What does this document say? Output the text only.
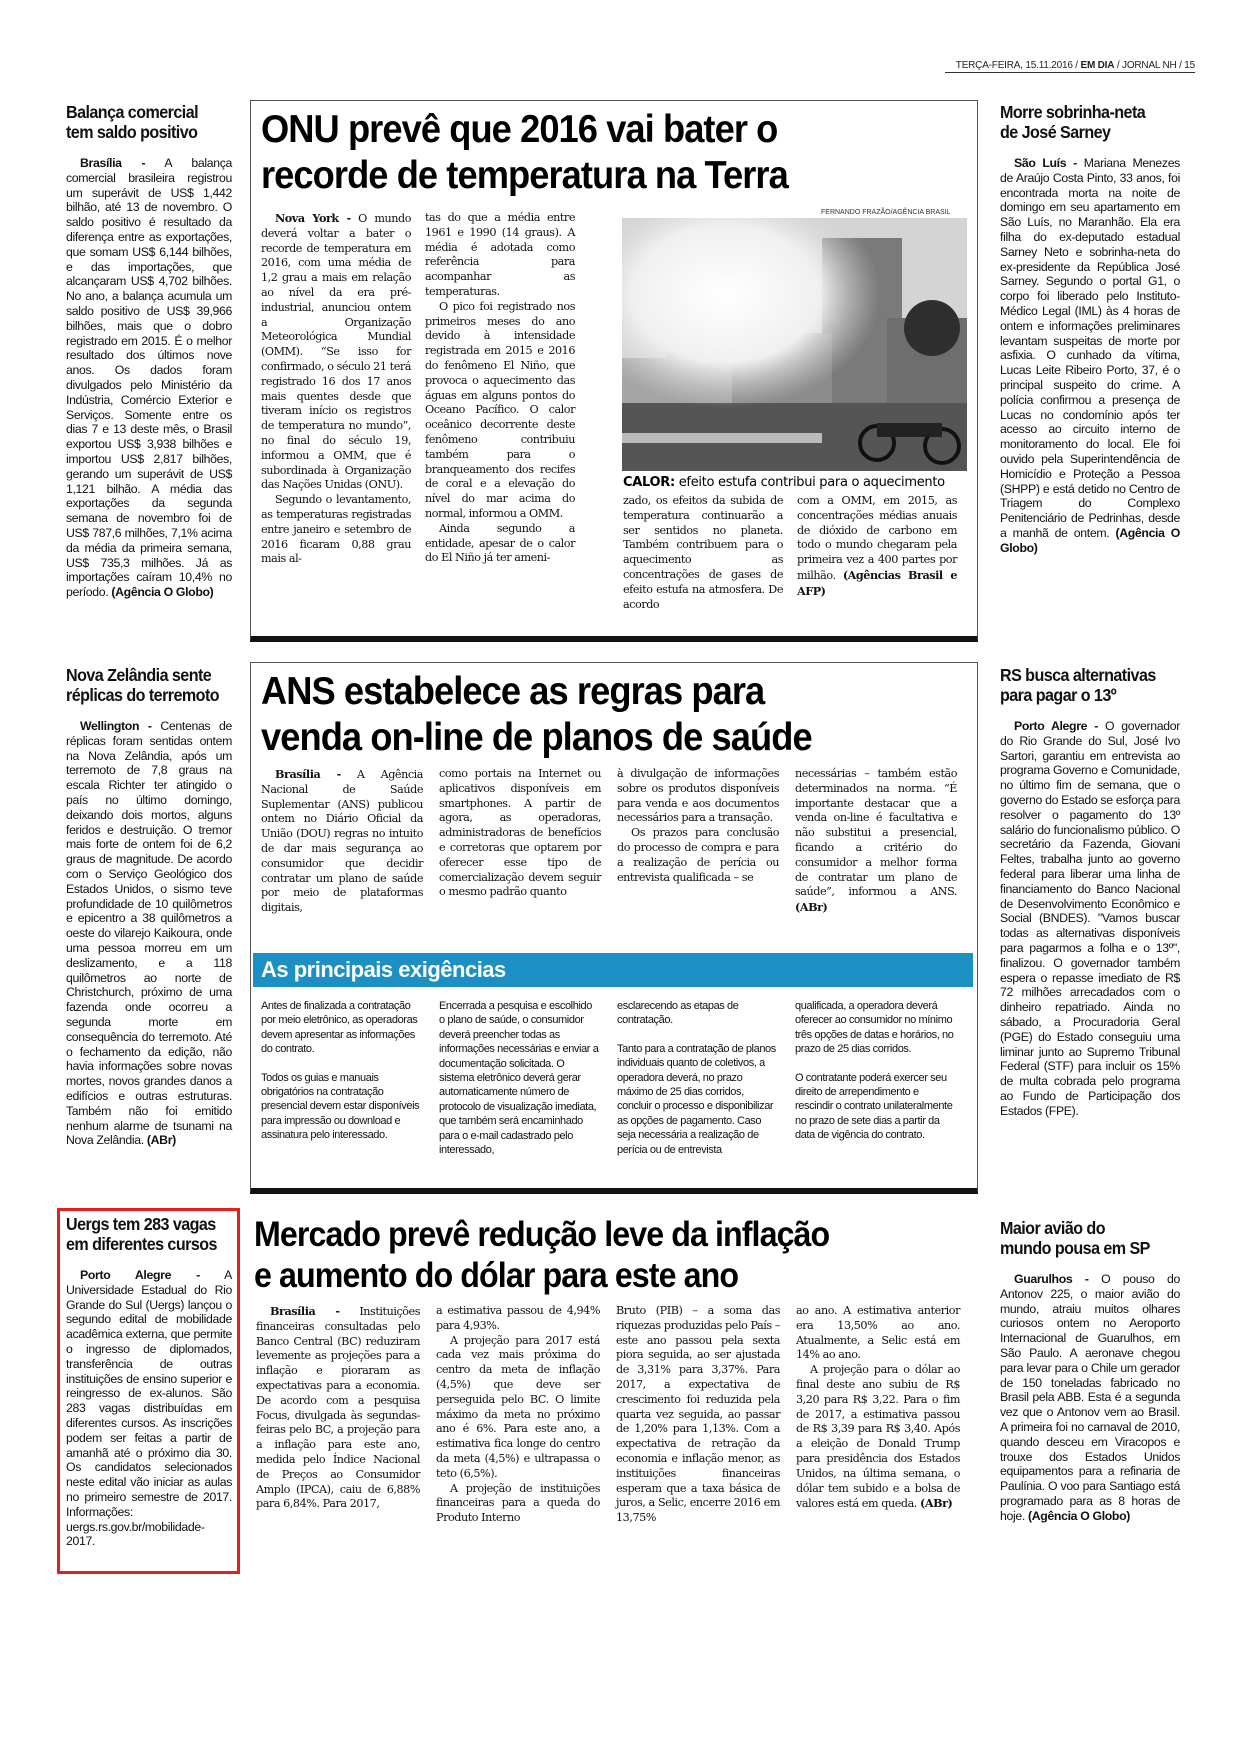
TERÇA-FEIRA, 15.11.2016 / EM DIA / JORNAL NH / 15
Balança comercial
tem saldo positivo

Brasília - A balança comercial brasileira registrou um superávit de US$ 1,442 bilhão, até 13 de novembro. O saldo positivo é resultado da diferença entre as exportações, que somam US$ 6,144 bilhões, e das importações, que alcançaram US$ 4,702 bilhões. No ano, a balança acumula um saldo positivo de US$ 39,966 bilhões, mais que o dobro registrado em 2015. É o melhor resultado dos últimos nove anos. Os dados foram divulgados pelo Ministério da Indústria, Comércio Exterior e Serviços. Somente entre os dias 7 e 13 deste mês, o Brasil exportou US$ 3,938 bilhões e importou US$ 2,817 bilhões, gerando um superávit de US$ 1,121 bilhão. A média das exportações da segunda semana de novembro foi de US$ 787,6 milhões, 7,1% acima da média da primeira semana, US$ 735,3 milhões. Já as importações caíram 10,4% no período. (Agência O Globo)

Nova Zelândia sente
réplicas do terremoto

Wellington - Centenas de réplicas foram sentidas ontem na Nova Zelândia, após um terremoto de 7,8 graus na escala Richter ter atingido o país no último domingo, deixando dois mortos, alguns feridos e destruição. O tremor mais forte de ontem foi de 6,2 graus de magnitude. De acordo com o Serviço Geológico dos Estados Unidos, o sismo teve profundidade de 10 quilômetros e epicentro a 38 quilômetros a oeste do vilarejo Kaikoura, onde uma pessoa morreu em um deslizamento, e a 118 quilômetros ao norte de Christchurch, próximo de uma fazenda onde ocorreu a segunda morte em consequência do terremoto. Até o fechamento da edição, não havia informações sobre novas mortes, novos grandes danos a edifícios e outras estruturas. Também não foi emitido nenhum alarme de tsunami na Nova Zelândia. (ABr)

Uergs tem 283 vagas
em diferentes cursos

Porto Alegre - A Universidade Estadual do Rio Grande do Sul (Uergs) lançou o segundo edital de mobilidade acadêmica externa, que permite o ingresso de diplomados, transferência de outras instituições de ensino superior e reingresso de ex-alunos. São 283 vagas distribuídas em diferentes cursos. As inscrições podem ser feitas a partir de amanhã até o próximo dia 30. Os candidatos selecionados neste edital vão iniciar as aulas no primeiro semestre de 2017. Informações: uergs.rs.gov.br/mobilidade-2017.

Morre sobrinha-neta
de José Sarney

São Luís - Mariana Menezes de Araújo Costa Pinto, 33 anos, foi encontrada morta na noite de domingo em seu apartamento em São Luís, no Maranhão. Ela era filha do ex-deputado estadual Sarney Neto e sobrinha-neta do ex-presidente da República José Sarney. Segundo o portal G1, o corpo foi liberado pelo Instituto-Médico Legal (IML) às 4 horas de ontem e informações preliminares levantam suspeitas de morte por asfixia. O cunhado da vítima, Lucas Leite Ribeiro Porto, 37, é o principal suspeito do crime. A polícia confirmou a presença de Lucas no condomínio após ter acesso ao circuito interno de monitoramento do local. Ele foi ouvido pela Superintendência de Homicídio e Proteção a Pessoa (SHPP) e está detido no Centro de Triagem do Complexo Penitenciário de Pedrinhas, desde a manhã de ontem. (Agência O Globo)

RS busca alternativas
para pagar o 13º

Porto Alegre - O governador do Rio Grande do Sul, José Ivo Sartori, garantiu em entrevista ao programa Governo e Comunidade, no último fim de semana, que o governo do Estado se esforça para resolver o pagamento do 13º salário do funcionalismo público. O secretário da Fazenda, Giovani Feltes, trabalha junto ao governo federal para liberar uma linha de financiamento do Banco Nacional de Desenvolvimento Econômico e Social (BNDES). "Vamos buscar todas as alternativas disponíveis para pagarmos a folha e o 13º", finalizou. O governador também espera o repasse imediato de R$ 72 milhões arrecadados com o dinheiro repatriado. Ainda no sábado, a Procuradoria Geral (PGE) do Estado conseguiu uma liminar junto ao Supremo Tribunal Federal (STF) para incluir os 15% de multa cobrada pelo programa ao Fundo de Participação dos Estados (FPE).

Maior avião do
mundo pousa em SP

Guarulhos - O pouso do Antonov 225, o maior avião do mundo, atraiu muitos olhares curiosos ontem no Aeroporto Internacional de Guarulhos, em São Paulo. A aeronave chegou para levar para o Chile um gerador de 150 toneladas fabricado no Brasil pela ABB. Esta é a segunda vez que o Antonov vem ao Brasil. A primeira foi no carnaval de 2010, quando desceu em Viracopos e trouxe dos Estados Unidos equipamentos para a refinaria de Paulínia. O voo para Santiago está programado para as 8 horas de hoje. (Agência O Globo)

ONU prevê que 2016 vai bater o
recorde de temperatura na Terra

Nova York - O mundo deverá voltar a bater o recorde de temperatura em 2016, com uma média de 1,2 grau a mais em relação ao nível da era pré-industrial, anunciou ontem a Organização Meteorológica Mundial (OMM). “Se isso for confirmado, o século 21 terá registrado 16 dos 17 anos mais quentes desde que tiveram início os registros de temperatura no mundo”, no final do século 19, informou a OMM, que é subordinada à Organização das Nações Unidas (ONU).

Segundo o levantamento, as temperaturas registradas entre janeiro e setembro de 2016 ficaram 0,88 grau mais al-

tas do que a média entre 1961 e 1990 (14 graus). A média é adotada como referência para acompanhar as temperaturas.

O pico foi registrado nos primeiros meses do ano devido à intensidade registrada em 2015 e 2016 do fenômeno El Niño, que provoca o aquecimento das águas em alguns pontos do Oceano Pacífico. O calor oceânico decorrente deste fenômeno contribuiu também para o branqueamento dos recifes de coral e a elevação do nível do mar acima do normal, informou a OMM.

Ainda segundo a entidade, apesar de o calor do El Niño já ter ameni-

FERNANDO FRAZÃO/AGÊNCIA BRASIL
CALOR: efeito estufa contribui para o aquecimento

zado, os efeitos da subida de temperatura continuarão a ser sentidos no planeta. Também contribuem para o aquecimento as concentrações de gases de efeito estufa na atmosfera. De acordo

com a OMM, em 2015, as concentrações médias anuais de dióxido de carbono em todo o mundo chegaram pela primeira vez a 400 partes por milhão. (Agências Brasil e AFP)

ANS estabelece as regras para
venda on-line de planos de saúde

Brasília - A Agência Nacional de Saúde Suplementar (ANS) publicou ontem no Diário Oficial da União (DOU) regras no intuito de dar mais segurança ao consumidor que decidir contratar um plano de saúde por meio de plataformas digitais,

como portais na Internet ou aplicativos disponíveis em smartphones. A partir de agora, as operadoras, administradoras de benefícios e corretoras que optarem por oferecer esse tipo de comercialização devem seguir o mesmo padrão quanto

à divulgação de informações sobre os produtos disponíveis para venda e aos documentos necessários para a transação.

Os prazos para conclusão do processo de compra e para a realização de perícia ou entrevista qualificada – se

necessárias – também estão determinados na norma. “É importante destacar que a venda on-line é facultativa e não substitui a presencial, ficando a critério do consumidor a melhor forma de contratar um plano de saúde”, informou a ANS. (ABr)

As principais exigências

Antes de finalizada a contratação por meio eletrônico, as operadoras devem apresentar as informações do contrato.

Todos os guias e manuais obrigatórios na contratação presencial devem estar disponíveis para impressão ou download e assinatura pelo interessado.

Encerrada a pesquisa e escolhido o plano de saúde, o consumidor deverá preencher todas as informações necessárias e enviar a documentação solicitada. O sistema eletrônico deverá gerar automaticamente número de protocolo de visualização imediata, que também será encaminhado para o e-mail cadastrado pelo interessado,

esclarecendo as etapas de contratação.

Tanto para a contratação de planos individuais quanto de coletivos, a operadora deverá, no prazo máximo de 25 dias corridos, concluir o processo e disponibilizar as opções de pagamento. Caso seja necessária a realização de perícia ou de entrevista

qualificada, a operadora deverá oferecer ao consumidor no mínimo três opções de datas e horários, no prazo de 25 dias corridos.

O contratante poderá exercer seu direito de arrependimento e rescindir o contrato unilateralmente no prazo de sete dias a partir da data de vigência do contrato.

Mercado prevê redução leve da inflação
e aumento do dólar para este ano

Brasília - Instituições financeiras consultadas pelo Banco Central (BC) reduziram levemente as projeções para a inflação e pioraram as expectativas para a economia. De acordo com a pesquisa Focus, divulgada às segundas-feiras pelo BC, a projeção para a inflação para este ano, medida pelo Índice Nacional de Preços ao Consumidor Amplo (IPCA), caiu de 6,88% para 6,84%. Para 2017,

a estimativa passou de 4,94% para 4,93%.

A projeção para 2017 está cada vez mais próxima do centro da meta de inflação (4,5%) que deve ser perseguida pelo BC. O limite máximo da meta no próximo ano é 6%. Para este ano, a estimativa fica longe do centro da meta (4,5%) e ultrapassa o teto (6,5%).

A projeção de instituições financeiras para a queda do Produto Interno

Bruto (PIB) – a soma das riquezas produzidas pelo País – este ano passou pela sexta piora seguida, ao ser ajustada de 3,31% para 3,37%. Para 2017, a expectativa de crescimento foi reduzida pela quarta vez seguida, ao passar de 1,20% para 1,13%. Com a expectativa de retração da economia e inflação menor, as instituições financeiras esperam que a taxa básica de juros, a Selic, encerre 2016 em 13,75%

ao ano. A estimativa anterior era 13,50% ao ano. Atualmente, a Selic está em 14% ao ano.

A projeção para o dólar ao final deste ano subiu de R$ 3,20 para R$ 3,22. Para o fim de 2017, a estimativa passou de R$ 3,39 para R$ 3,40. Após a eleição de Donald Trump para presidência dos Estados Unidos, na última semana, o dólar tem subido e a bolsa de valores está em queda. (ABr)
